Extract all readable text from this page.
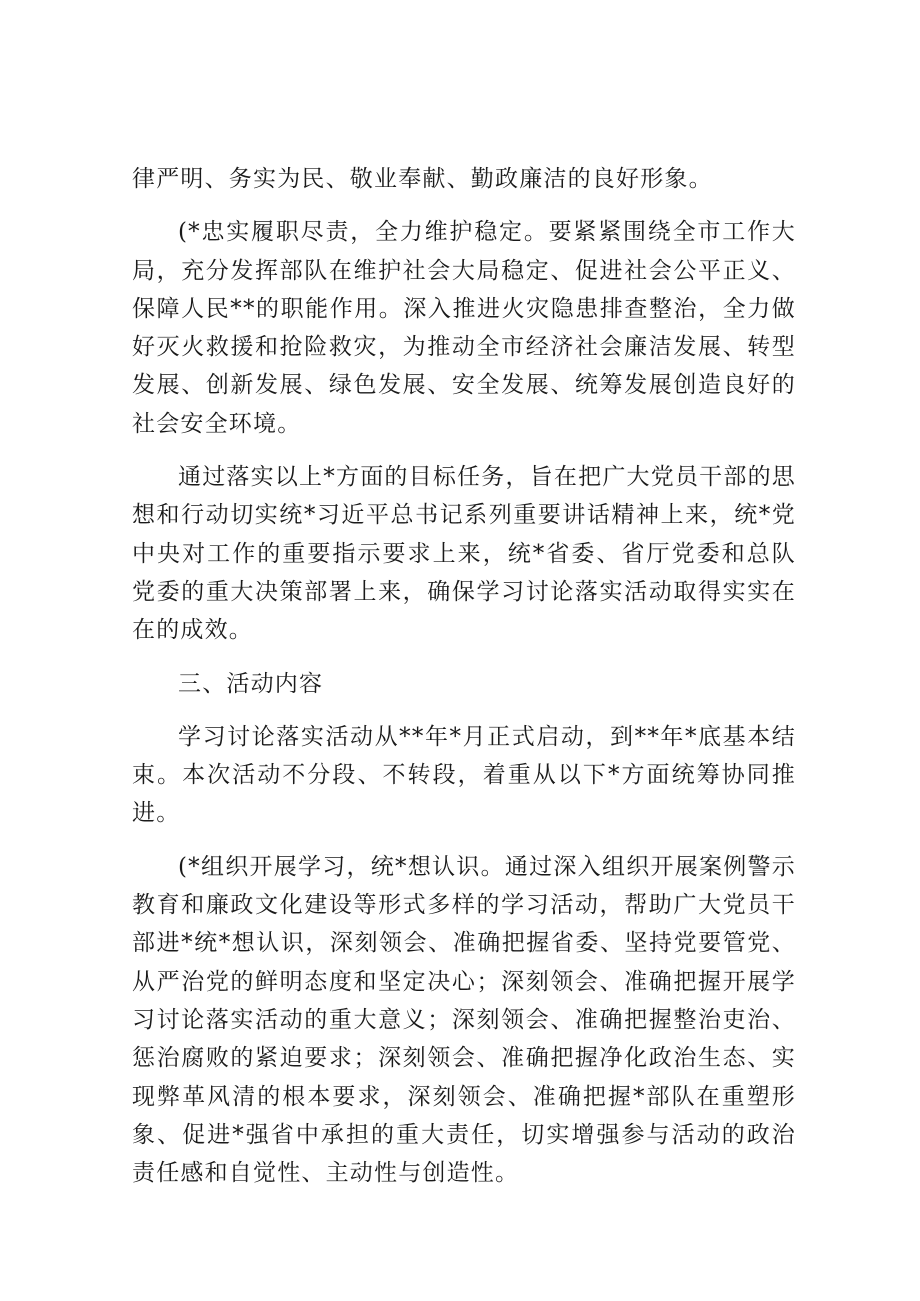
律严明、务实为民、敬业奉献、勤政廉洁的良好形象。

(*忠实履职尽责，全力维护稳定。要紧紧围绕全市工作大局，充分发挥部队在维护社会大局稳定、促进社会公平正义、保障人民**的职能作用。深入推进火灾隐患排查整治，全力做好灭火救援和抢险救灾，为推动全市经济社会廉洁发展、转型发展、创新发展、绿色发展、安全发展、统筹发展创造良好的社会安全环境。

通过落实以上*方面的目标任务，旨在把广大党员干部的思想和行动切实统*习近平总书记系列重要讲话精神上来，统*党中央对工作的重要指示要求上来，统*省委、省厅党委和总队党委的重大决策部署上来，确保学习讨论落实活动取得实实在在的成效。

三、活动内容

学习讨论落实活动从**年*月正式启动，到**年*底基本结束。本次活动不分段、不转段，着重从以下*方面统筹协同推进。

(*组织开展学习，统*想认识。通过深入组织开展案例警示教育和廉政文化建设等形式多样的学习活动，帮助广大党员干部进*统*想认识，深刻领会、准确把握省委、坚持党要管党、从严治党的鲜明态度和坚定决心；深刻领会、准确把握开展学习讨论落实活动的重大意义；深刻领会、准确把握整治吏治、惩治腐败的紧迫要求；深刻领会、准确把握净化政治生态、实现弊革风清的根本要求，深刻领会、准确把握*部队在重塑形象、促进*强省中承担的重大责任，切实增强参与活动的政治责任感和自觉性、主动性与创造性。
